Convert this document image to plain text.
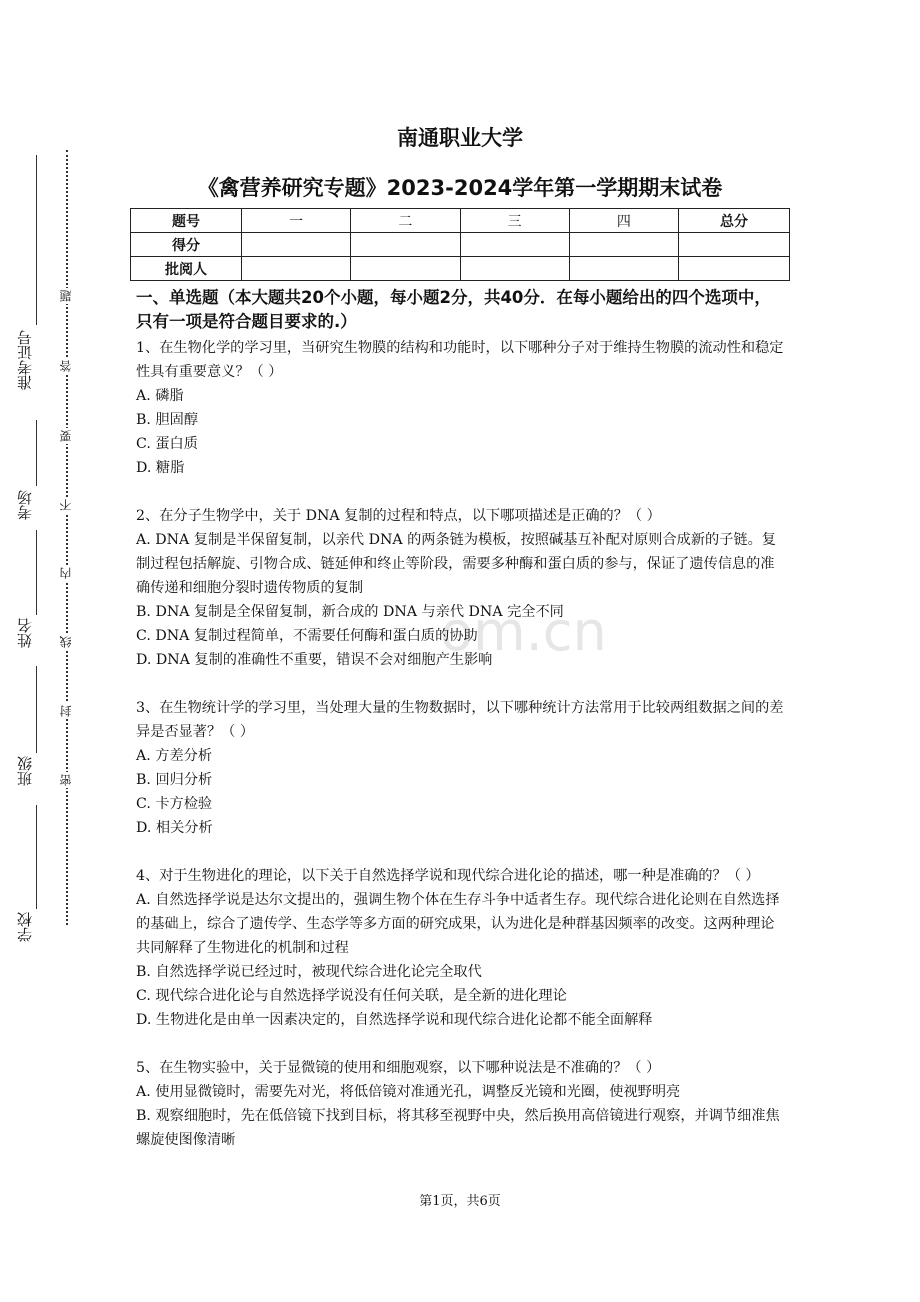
准考证号
考场
姓名
班级
学校
题
答
要
不
内
线
封
密
om.cn
南通职业大学
《禽营养研究专题》2023-2024学年第一学期期末试卷
题号	一	二	三	四	总分
得分					
批阅人					
一、单选题（本大题共20个小题，每小题2分，共40分．在每小题给出的四个选项中，只有一项是符合题目要求的.）

1、在生物化学的学习里，当研究生物膜的结构和功能时，以下哪种分子对于维持生物膜的流动性和稳定性具有重要意义？（ ）

A. 磷脂

B. 胆固醇

C. 蛋白质

D. 糖脂

2、在分子生物学中，关于 DNA 复制的过程和特点，以下哪项描述是正确的？（ ）

A. DNA 复制是半保留复制，以亲代 DNA 的两条链为模板，按照碱基互补配对原则合成新的子链。复制过程包括解旋、引物合成、链延伸和终止等阶段，需要多种酶和蛋白质的参与，保证了遗传信息的准确传递和细胞分裂时遗传物质的复制

B. DNA 复制是全保留复制，新合成的 DNA 与亲代 DNA 完全不同

C. DNA 复制过程简单，不需要任何酶和蛋白质的协助

D. DNA 复制的准确性不重要，错误不会对细胞产生影响

3、在生物统计学的学习里，当处理大量的生物数据时，以下哪种统计方法常用于比较两组数据之间的差异是否显著？（ ）

A. 方差分析

B. 回归分析

C. 卡方检验

D. 相关分析

4、对于生物进化的理论，以下关于自然选择学说和现代综合进化论的描述，哪一种是准确的？（ ）

A. 自然选择学说是达尔文提出的，强调生物个体在生存斗争中适者生存。现代综合进化论则在自然选择的基础上，综合了遗传学、生态学等多方面的研究成果，认为进化是种群基因频率的改变。这两种理论共同解释了生物进化的机制和过程

B. 自然选择学说已经过时，被现代综合进化论完全取代

C. 现代综合进化论与自然选择学说没有任何关联，是全新的进化理论

D. 生物进化是由单一因素决定的，自然选择学说和现代综合进化论都不能全面解释

5、在生物实验中，关于显微镜的使用和细胞观察，以下哪种说法是不准确的？（ ）

A. 使用显微镜时，需要先对光，将低倍镜对准通光孔，调整反光镜和光圈，使视野明亮

B. 观察细胞时，先在低倍镜下找到目标，将其移至视野中央，然后换用高倍镜进行观察，并调节细准焦螺旋使图像清晰

第1页，共6页
